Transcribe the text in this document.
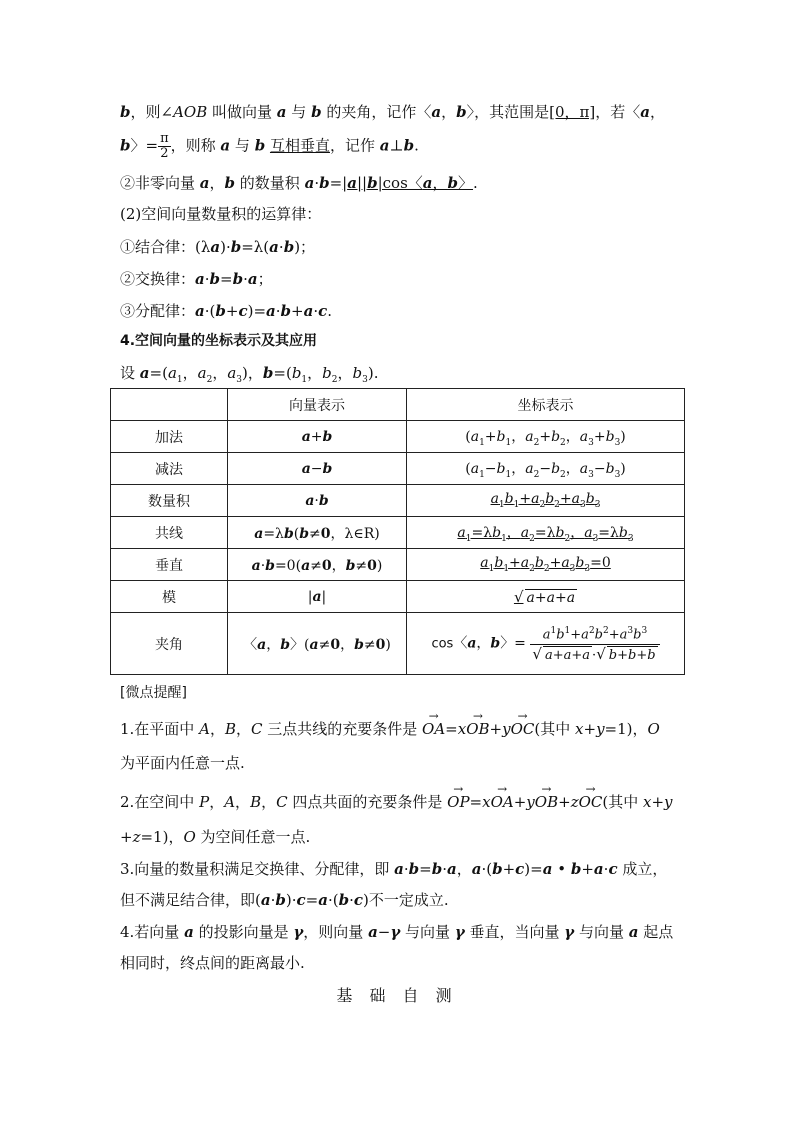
b，则∠AOB 叫做向量 a 与 b 的夹角，记作〈a，b〉，其范围是[0，π]，若〈a，
b〉= $\frac{\pi}{2}$ ，则称 a 与 b 互相垂直，记作 a⊥b.
②非零向量 a，b 的数量积 a·b=|a||b|cos〈a，b〉.
(2)空间向量数量积的运算律：
①结合律：(λa)·b=λ(a·b)；
②交换律：a·b=b·a；
③分配律：a·(b+c)=a·b+a·c.
4.空间向量的坐标表示及其应用
设 $a=(a_1$，$a_2$，$a_3$)，$b=(b_1$，$b_2$，$b_3$).
	向量表示	坐标表示
加法	a+b	($a_1+b_1$，$a_2+b_2$，$a_3+b_3$)
减法	a−b	($a_1-b_1$，$a_2-b_2$，$a_3-b_3$)
数量积	a·b	$a_1b_1+a_2b_2+a_3b_3$
共线	a=λb(b≠0，λ∈R)	$a_1=\lambda b_1$，$a_2=\lambda b_2$，$a_3=\lambda b_3$
垂直	a·b=0(a≠0，b≠0)	$a_1b_1+a_2b_2+a_3b_3=0$
模	|a|	√ a+a+a
夹角	〈a，b〉(a≠0，b≠0)	cos〈a，b〉= $\frac{a^1b^1+a^2b^2+a^3b^3}{√ a+a+a \cdot√ b+b+b}$
[微点提醒]
1.在平面中 A，B，C 三点共线的充要条件是 → OA=x→ OB+y→ OC(其中 x+y=1)，O
为平面内任意一点.
2.在空间中 P，A，B，C 四点共面的充要条件是 → OP=x→ OA+y→ OB+z→ OC(其中 x+y
+z=1)，O 为空间任意一点.
3.向量的数量积满足交换律、分配律，即 a·b=b·a，a·(b+c)=a • b+a·c 成立，
但不满足结合律，即(a·b)·c=a·(b·c)不一定成立.
4.若向量 a 的投影向量是 γ，则向量 a−γ 与向量 γ 垂直，当向量 γ 与向量 a 起点
相同时，终点间的距离最小.
基 础 自 测
